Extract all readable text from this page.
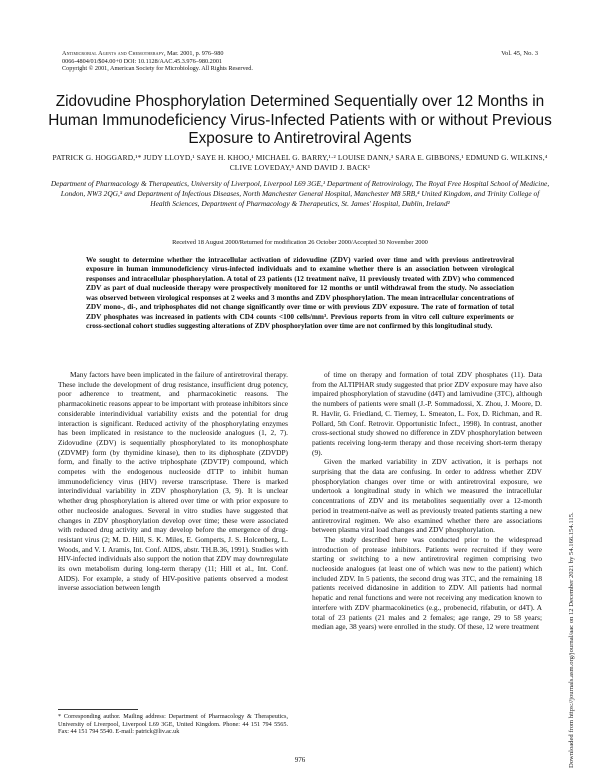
Antimicrobial Agents and Chemotherapy, Mar. 2001, p. 976–980
0066-4804/01/$04.00+0 DOI: 10.1128/AAC.45.3.976–980.2001
Copyright © 2001, American Society for Microbiology. All Rights Reserved.
Vol. 45, No. 3
Zidovudine Phosphorylation Determined Sequentially over 12 Months in Human Immunodeficiency Virus-Infected Patients with or without Previous Exposure to Antiretroviral Agents
PATRICK G. HOGGARD,¹* JUDY LLOYD,¹ SAYE H. KHOO,¹ MICHAEL G. BARRY,¹·² LOUISE DANN,³ SARA E. GIBBONS,¹ EDMUND G. WILKINS,⁴ CLIVE LOVEDAY,⁵ AND DAVID J. BACK¹
Department of Pharmacology & Therapeutics, University of Liverpool, Liverpool L69 3GE,¹ Department of Retrovirology, The Royal Free Hospital School of Medicine, London, NW3 2QG,⁵ and Department of Infectious Diseases, North Manchester General Hospital, Manchester M8 5RB,⁴ United Kingdom, and Trinity College of Health Sciences, Department of Pharmacology & Therapeutics, St. James' Hospital, Dublin, Ireland²
Received 18 August 2000/Returned for modification 26 October 2000/Accepted 30 November 2000
We sought to determine whether the intracellular activation of zidovudine (ZDV) varied over time and with previous antiretroviral exposure in human immunodeficiency virus-infected individuals and to examine whether there is an association between virological responses and intracellular phosphorylation. A total of 23 patients (12 treatment naïve, 11 previously treated with ZDV) who commenced ZDV as part of dual nucleoside therapy were prospectively monitored for 12 months or until withdrawal from the study. No association was observed between virological responses at 2 weeks and 3 months and ZDV phosphorylation. The mean intracellular concentrations of ZDV mono-, di-, and triphosphates did not change significantly over time or with previous ZDV exposure. The rate of formation of total ZDV phosphates was increased in patients with CD4 counts <100 cells/mm³. Previous reports from in vitro cell culture experiments or cross-sectional cohort studies suggesting alterations of ZDV phosphorylation over time are not confirmed by this longitudinal study.

Many factors have been implicated in the failure of antiretroviral therapy. These include the development of drug resistance, insufficient drug potency, poor adherence to treatment, and pharmacokinetic reasons. The pharmacokinetic reasons appear to be important with protease inhibitors since considerable interindividual variability exists and the potential for drug interaction is significant. Reduced activity of the phosphorylating enzymes has been implicated in resistance to the nucleoside analogues (1, 2, 7). Zidovudine (ZDV) is sequentially phosphorylated to its monophosphate (ZDVMP) form (by thymidine kinase), then to its diphosphate (ZDVDP) form, and finally to the active triphosphate (ZDVTP) compound, which competes with the endogenous nucleoside dTTP to inhibit human immunodeficiency virus (HIV) reverse transcriptase. There is marked interindividual variability in ZDV phosphorylation (3, 9). It is unclear whether drug phosphorylation is altered over time or with prior exposure to other nucleoside analogues. Several in vitro studies have suggested that changes in ZDV phosphorylation develop over time; these were associated with reduced drug activity and may develop before the emergence of drug-resistant virus (2; M. D. Hill, S. K. Miles, E. Gomperts, J. S. Holcenberg, L. Woods, and V. I. Aramis, Int. Conf. AIDS, abstr. TH.B.36, 1991). Studies with HIV-infected individuals also support the notion that ZDV may downregulate its own metabolism during long-term therapy (11; Hill et al., Int. Conf. AIDS). For example, a study of HIV-positive patients observed a modest inverse association between length

of time on therapy and formation of total ZDV phosphates (11). Data from the ALTIPHAR study suggested that prior ZDV exposure may have also impaired phosphorylation of stavudine (d4T) and lamivudine (3TC), although the numbers of patients were small (J.-P. Sommadossi, X. Zhou, J. Moore, D. R. Havlir, G. Friedland, C. Tierney, L. Smeaton, L. Fox, D. Richman, and R. Pollard, 5th Conf. Retrovir. Opportunistic Infect., 1998). In contrast, another cross-sectional study showed no difference in ZDV phosphorylation between patients receiving long-term therapy and those receiving short-term therapy (9).

Given the marked variability in ZDV activation, it is perhaps not surprising that the data are confusing. In order to address whether ZDV phosphorylation changes over time or with antiretroviral exposure, we undertook a longitudinal study in which we measured the intracellular concentrations of ZDV and its metabolites sequentially over a 12-month period in treatment-naïve as well as previously treated patients starting a new antiretroviral regimen. We also examined whether there are associations between plasma viral load changes and ZDV phosphorylation.

The study described here was conducted prior to the widespread introduction of protease inhibitors. Patients were recruited if they were starting or switching to a new antiretroviral regimen comprising two nucleoside analogues (at least one of which was new to the patient) which included ZDV. In 5 patients, the second drug was 3TC, and the remaining 18 patients received didanosine in addition to ZDV. All patients had normal hepatic and renal functions and were not receiving any medication known to interfere with ZDV pharmacokinetics (e.g., probenecid, rifabutin, or d4T). A total of 23 patients (21 males and 2 females; age range, 29 to 58 years; median age, 38 years) were enrolled in the study. Of these, 12 were treatment

* Corresponding author. Mailing address: Department of Pharmacology & Therapeutics, University of Liverpool, Liverpool L69 3GE, United Kingdom. Phone: 44 151 794 5565. Fax: 44 151 794 5540. E-mail: patrick@liv.ac.uk
976	Downloaded from https://journals.asm.org/journal/aac on 12 December 2021 by 54.166.154.115.
